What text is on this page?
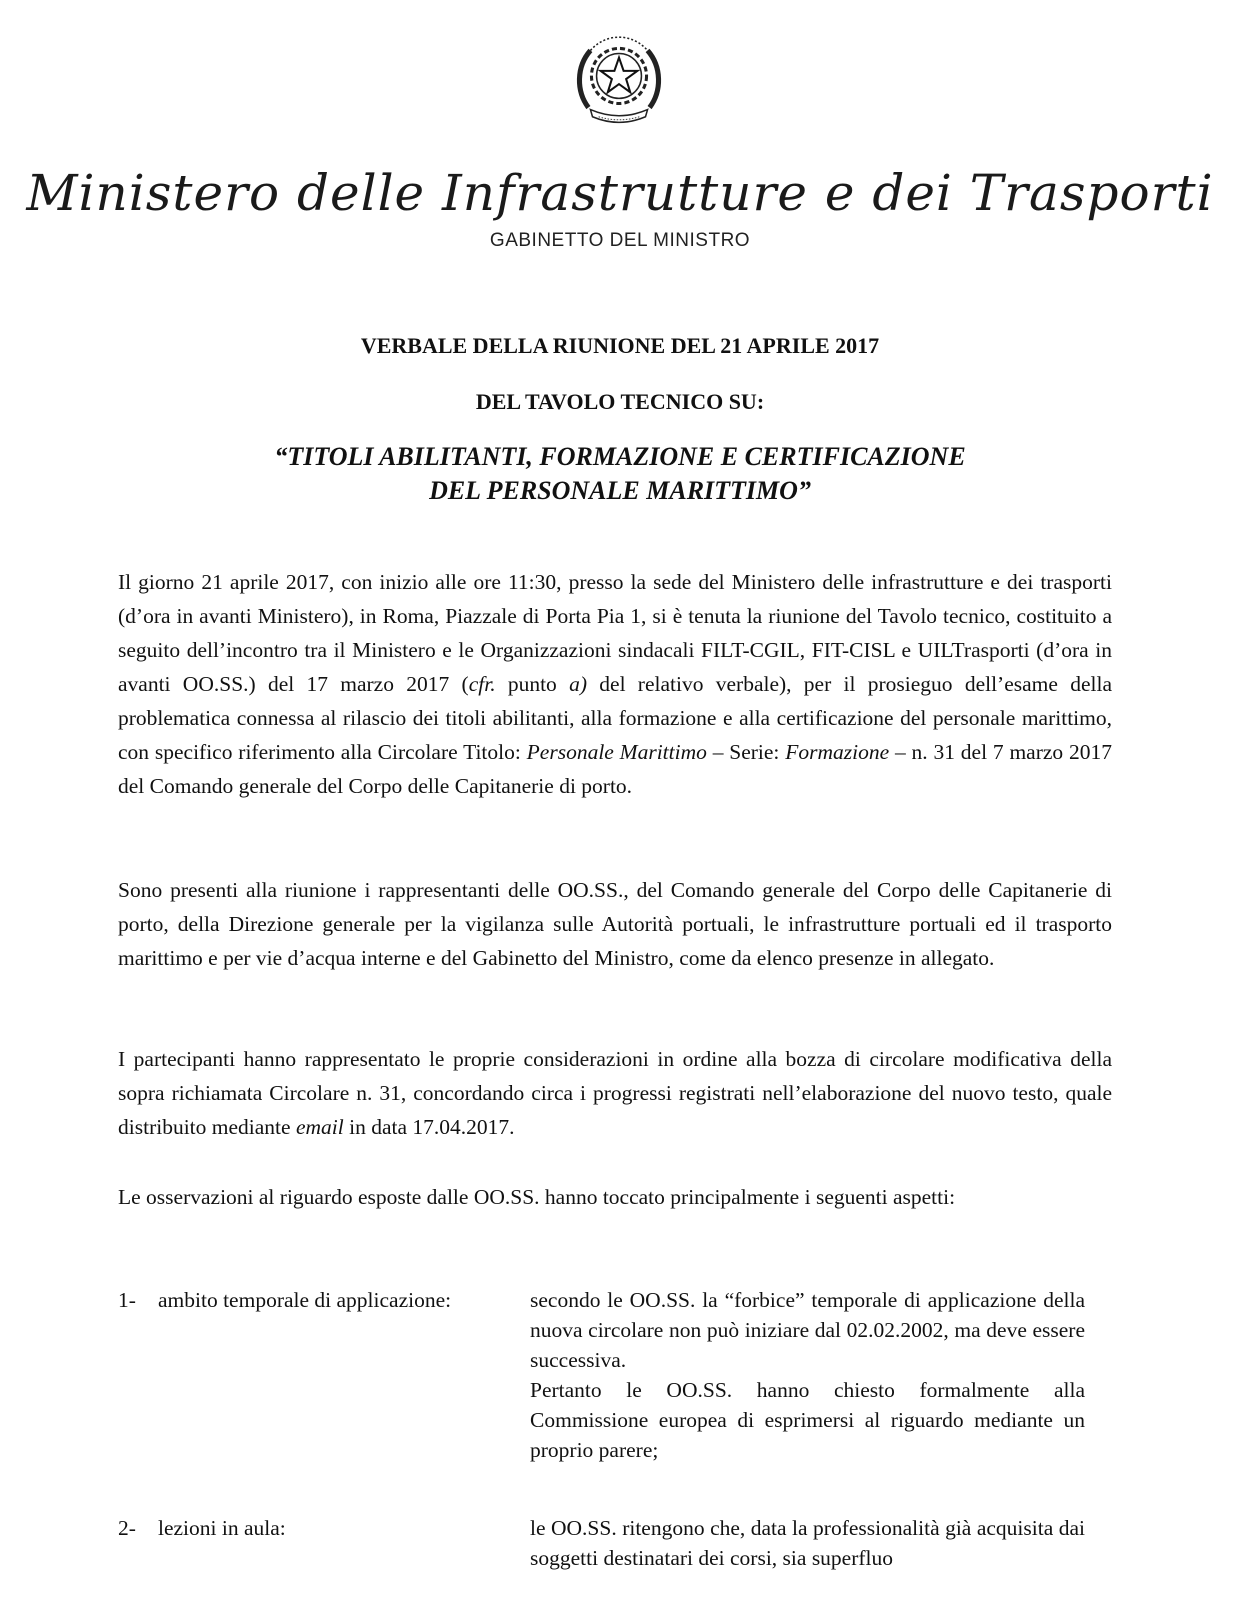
Ministero delle Infrastrutture e dei Trasporti
GABINETTO DEL MINISTRO
VERBALE DELLA RIUNIONE DEL 21 APRILE 2017
DEL TAVOLO TECNICO SU:
“TITOLI ABILITANTI, FORMAZIONE E CERTIFICAZIONE
DEL PERSONALE MARITTIMO”
Il giorno 21 aprile 2017, con inizio alle ore 11:30, presso la sede del Ministero delle infrastrutture e dei trasporti (d’ora in avanti Ministero), in Roma, Piazzale di Porta Pia 1, si è tenuta la riunione del Tavolo tecnico, costituito a seguito dell’incontro tra il Ministero e le Organizzazioni sindacali FILT-CGIL, FIT-CISL e UILTrasporti (d’ora in avanti OO.SS.) del 17 marzo 2017 (cfr. punto a) del relativo verbale), per il prosieguo dell’esame della problematica connessa al rilascio dei titoli abilitanti, alla formazione e alla certificazione del personale marittimo, con specifico riferimento alla Circolare Titolo: Personale Marittimo – Serie: Formazione – n. 31 del 7 marzo 2017 del Comando generale del Corpo delle Capitanerie di porto.
Sono presenti alla riunione i rappresentanti delle OO.SS., del Comando generale del Corpo delle Capitanerie di porto, della Direzione generale per la vigilanza sulle Autorità portuali, le infrastrutture portuali ed il trasporto marittimo e per vie d’acqua interne e del Gabinetto del Ministro, come da elenco presenze in allegato.
I partecipanti hanno rappresentato le proprie considerazioni in ordine alla bozza di circolare modificativa della sopra richiamata Circolare n. 31, concordando circa i progressi registrati nell’elaborazione del nuovo testo, quale distribuito mediante email in data 17.04.2017.
Le osservazioni al riguardo esposte dalle OO.SS. hanno toccato principalmente i seguenti aspetti:
1- ambito temporale di applicazione:	secondo le OO.SS. la “forbice” temporale di applicazione della nuova circolare non può iniziare dal 02.02.2002, ma deve essere successiva.

Pertanto le OO.SS. hanno chiesto formalmente alla Commissione europea di esprimersi al riguardo mediante un proprio parere;

2- lezioni in aula:	le OO.SS. ritengono che, data la professionalità già acquisita dai soggetti destinatari dei corsi, sia superfluo
